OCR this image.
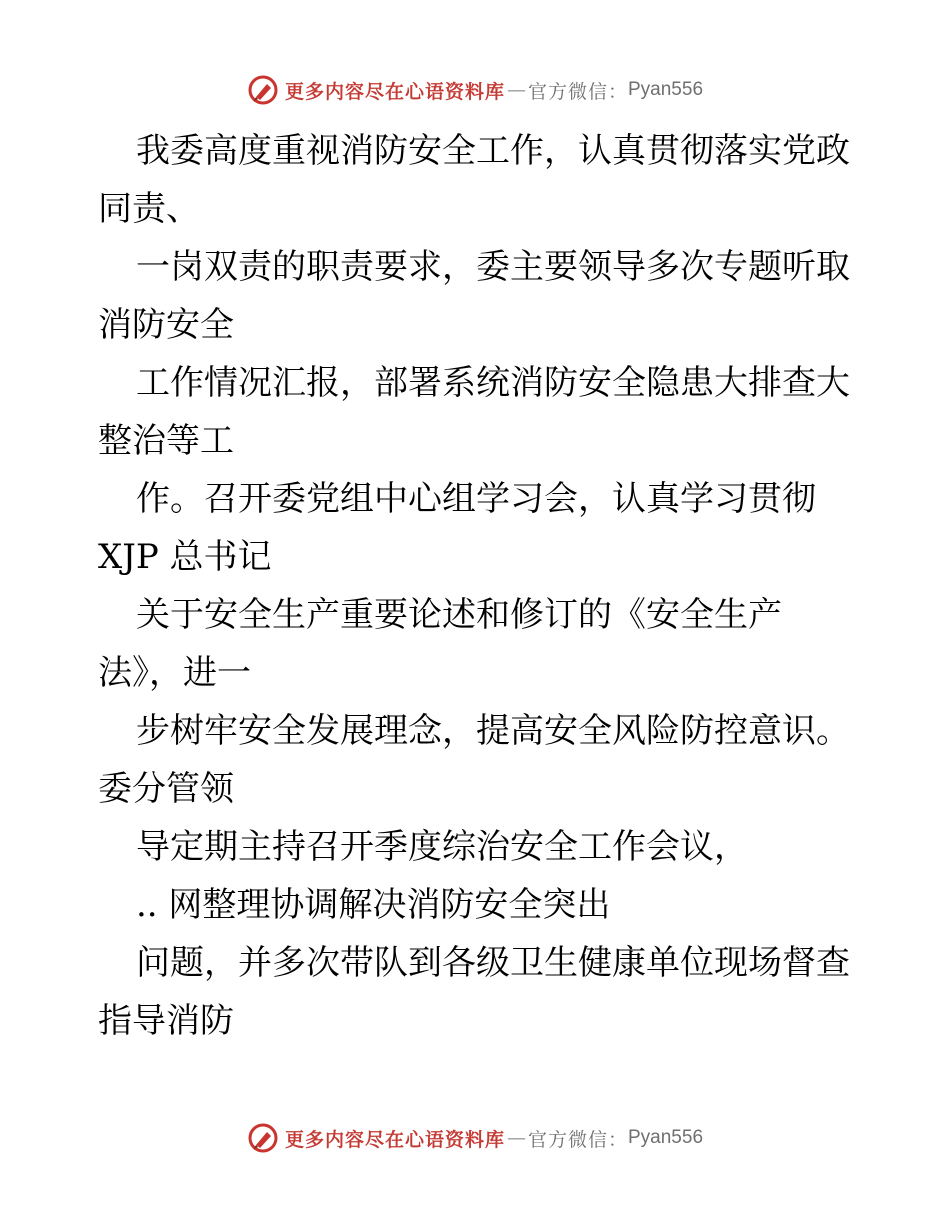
更多内容尽在心语资料库 — 官方微信： Pyan556
我委高度重视消防安全工作，认真贯彻落实党政
同责、
一岗双责的职责要求，委主要领导多次专题听取
消防安全
工作情况汇报，部署系统消防安全隐患大排查大
整治等工
作。召开委党组中心组学习会，认真学习贯彻
XJP 总书记
关于安全生产重要论述和修订的《安全生产
法》，进一
步树牢安全发展理念，提高安全风险防控意识。
委分管领
导定期主持召开季度综治安全工作会议，
.. 网整理协调解决消防安全突出
问题，并多次带队到各级卫生健康单位现场督查
指导消防
更多内容尽在心语资料库 — 官方微信： Pyan556
